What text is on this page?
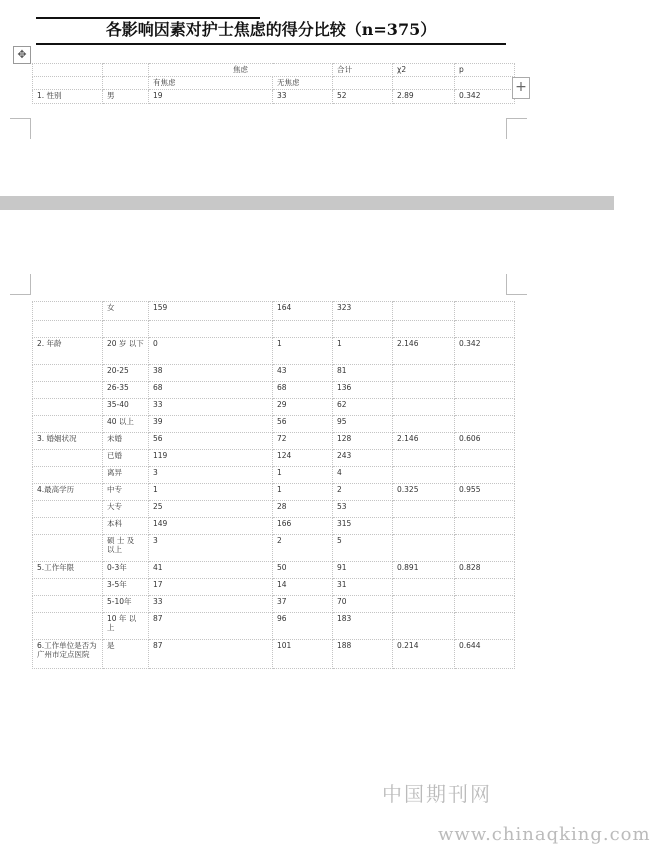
各影响因素对护士焦虑的得分比较（n=375）
✥
		焦虑		合计	χ2	p
		有焦虑	无焦虑			
1. 性别	男	19	33	52	2.89	0.342
+
	女	159	164	323		

2. 年龄	20 岁 以下	0	1	1	2.146	0.342
	20-25	38	43	81		
	26-35	68	68	136		
	35-40	33	29	62		
	40 以上	39	56	95		
3. 婚姻状况	未婚	56	72	128	2.146	0.606
	已婚	119	124	243		
	离异	3	1	4		
4.最高学历	中专	1	1	2	0.325	0.955
	大专	25	28	53		
	本科	149	166	315		
	硕 士 及 以上	3	2	5		
5.工作年限	0-3年	41	50	91	0.891	0.828
	3-5年	17	14	31		
	5-10年	33	37	70		
	10 年 以 上	87	96	183		
6.工作单位是否为广州市定点医院	是	87	101	188	0.214	0.644
中国期刊网
www.chinaqking.com
